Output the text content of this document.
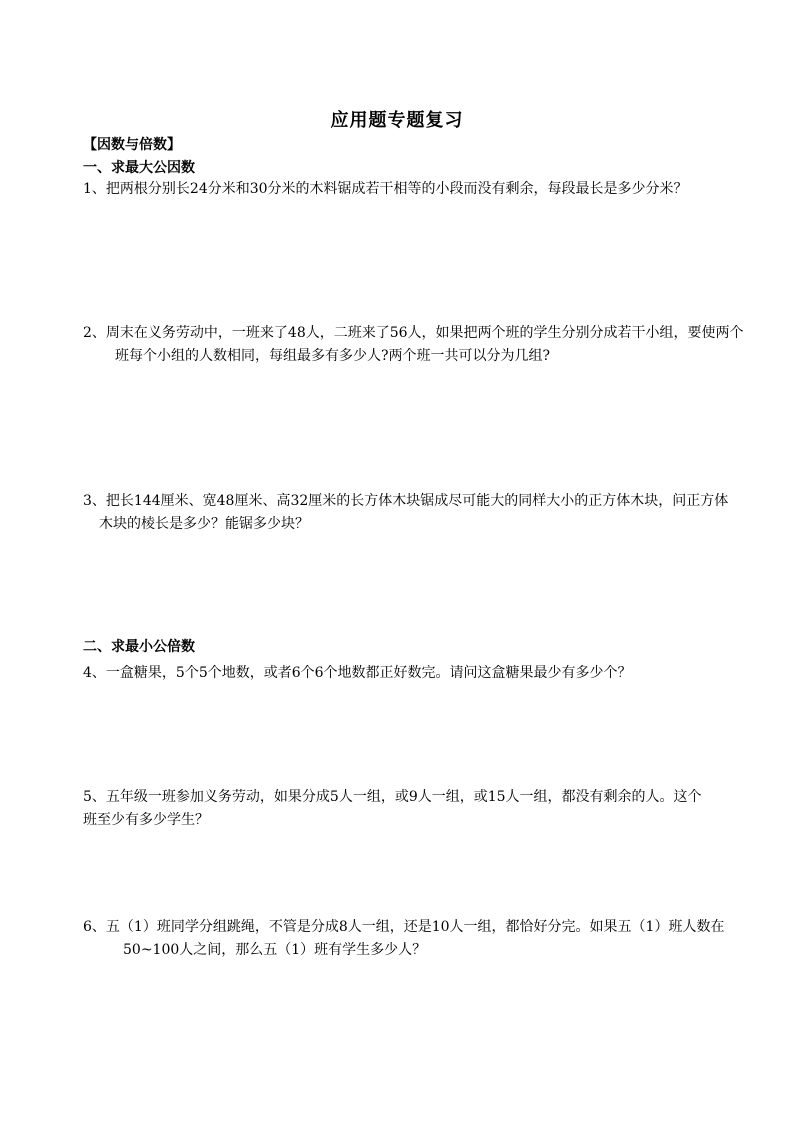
应用题专题复习
【因数与倍数】
一、求最大公因数
1、把两根分别长24分米和30分米的木料锯成若干相等的小段而没有剩余，每段最长是多少分米？
2、周末在义务劳动中，一班来了48人，二班来了56人，如果把两个班的学生分别分成若干小组，要使两个班每个小组的人数相同，每组最多有多少人?两个班一共可以分为几组?
3、把长144厘米、宽48厘米、高32厘米的长方体木块锯成尽可能大的同样大小的正方体木块，问正方体木块的棱长是多少？能锯多少块？
二、求最小公倍数
4、一盒糖果，5个5个地数，或者6个6个地数都正好数完。请问这盒糖果最少有多少个？
5、五年级一班参加义务劳动，如果分成5人一组，或9人一组，或15人一组，都没有剩余的人。这个班至少有多少学生？
6、五（1）班同学分组跳绳，不管是分成8人一组，还是10人一组，都恰好分完。如果五（1）班人数在50~100人之间，那么五（1）班有学生多少人？
